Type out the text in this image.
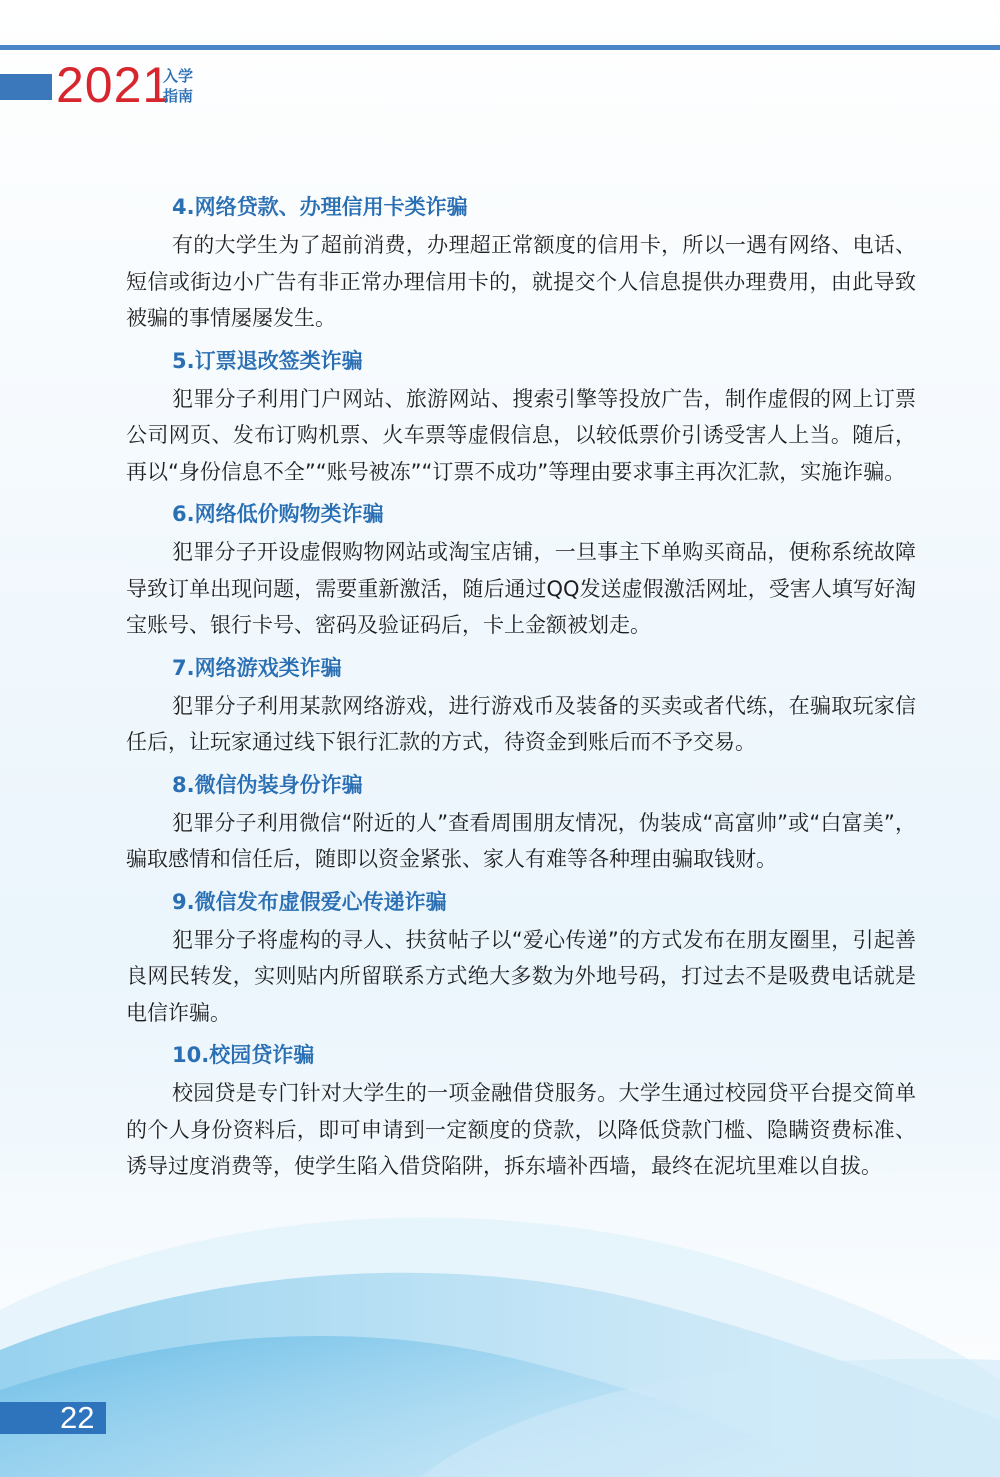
2021
入学
指南
4.网络贷款、办理信用卡类诈骗

有的大学生为了超前消费，办理超正常额度的信用卡，所以一遇有网络、电话、短信或街边小广告有非正常办理信用卡的，就提交个人信息提供办理费用，由此导致被骗的事情屡屡发生。

5.订票退改签类诈骗

犯罪分子利用门户网站、旅游网站、搜索引擎等投放广告，制作虚假的网上订票公司网页、发布订购机票、火车票等虚假信息，以较低票价引诱受害人上当。随后，再以“身份信息不全”“账号被冻”“订票不成功”等理由要求事主再次汇款，实施诈骗。

6.网络低价购物类诈骗

犯罪分子开设虚假购物网站或淘宝店铺，一旦事主下单购买商品，便称系统故障导致订单出现问题，需要重新激活，随后通过QQ发送虚假激活网址，受害人填写好淘宝账号、银行卡号、密码及验证码后，卡上金额被划走。

7.网络游戏类诈骗

犯罪分子利用某款网络游戏，进行游戏币及装备的买卖或者代练，在骗取玩家信任后，让玩家通过线下银行汇款的方式，待资金到账后而不予交易。

8.微信伪装身份诈骗

犯罪分子利用微信“附近的人”查看周围朋友情况，伪装成“高富帅”或“白富美”，骗取感情和信任后，随即以资金紧张、家人有难等各种理由骗取钱财。

9.微信发布虚假爱心传递诈骗

犯罪分子将虚构的寻人、扶贫帖子以“爱心传递”的方式发布在朋友圈里，引起善良网民转发，实则贴内所留联系方式绝大多数为外地号码，打过去不是吸费电话就是电信诈骗。

10.校园贷诈骗

校园贷是专门针对大学生的一项金融借贷服务。大学生通过校园贷平台提交简单的个人身份资料后，即可申请到一定额度的贷款，以降低贷款门槛、隐瞒资费标准、诱导过度消费等，使学生陷入借贷陷阱，拆东墙补西墙，最终在泥坑里难以自拔。

22
